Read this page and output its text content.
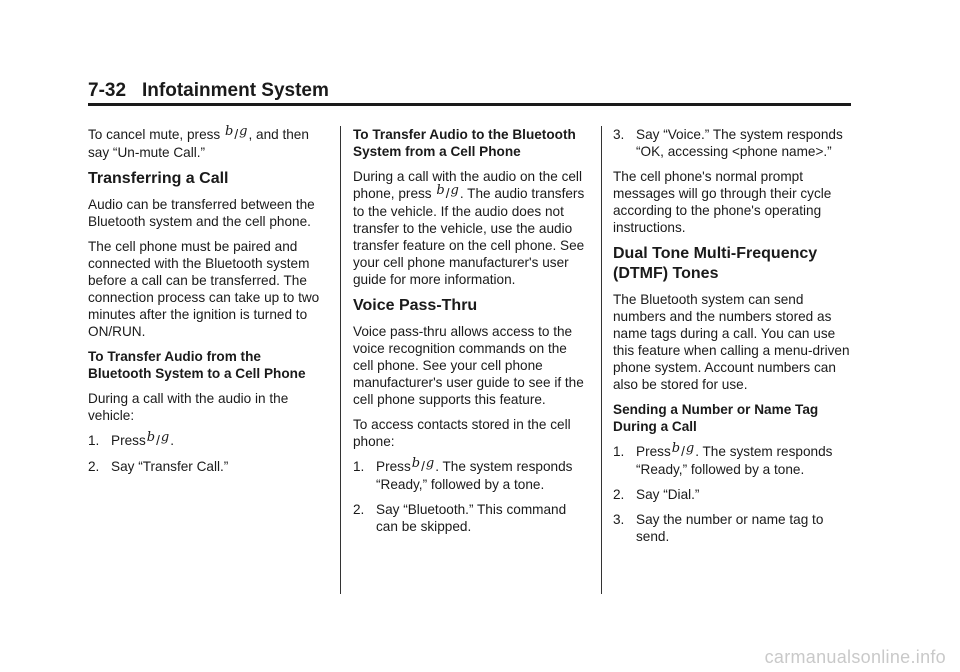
7-32 Infotainment System

To cancel mute, press b/g, and then say “Un-mute Call.”

Transferring a Call

Audio can be transferred between the Bluetooth system and the cell phone.

The cell phone must be paired and connected with the Bluetooth system before a call can be transferred. The connection process can take up to two minutes after the ignition is turned to ON/RUN.

To Transfer Audio from the Bluetooth System to a Cell Phone

During a call with the audio in the vehicle:

1. Pressb/g.
2. Say “Transfer Call.”
To Transfer Audio to the Bluetooth System from a Cell Phone

During a call with the audio on the cell phone, press b/g. The audio transfers to the vehicle. If the audio does not transfer to the vehicle, use the audio transfer feature on the cell phone. See your cell phone manufacturer's user guide for more information.

Voice Pass-Thru

Voice pass-thru allows access to the voice recognition commands on the cell phone. See your cell phone manufacturer's user guide to see if the cell phone supports this feature.

To access contacts stored in the cell phone:

1. Pressb/g. The system responds “Ready,” followed by a tone.
2. Say “Bluetooth.” This command can be skipped.
3. Say “Voice.” The system responds “OK, accessing <phone name>.”

The cell phone's normal prompt messages will go through their cycle according to the phone's operating instructions.

Dual Tone Multi-Frequency (DTMF) Tones

The Bluetooth system can send numbers and the numbers stored as name tags during a call. You can use this feature when calling a menu-driven phone system. Account numbers can also be stored for use.

Sending a Number or Name Tag During a Call
1. Pressb/g. The system responds “Ready,” followed by a tone.
2. Say “Dial.”
3. Say the number or name tag to send.
carmanualsonline.info
